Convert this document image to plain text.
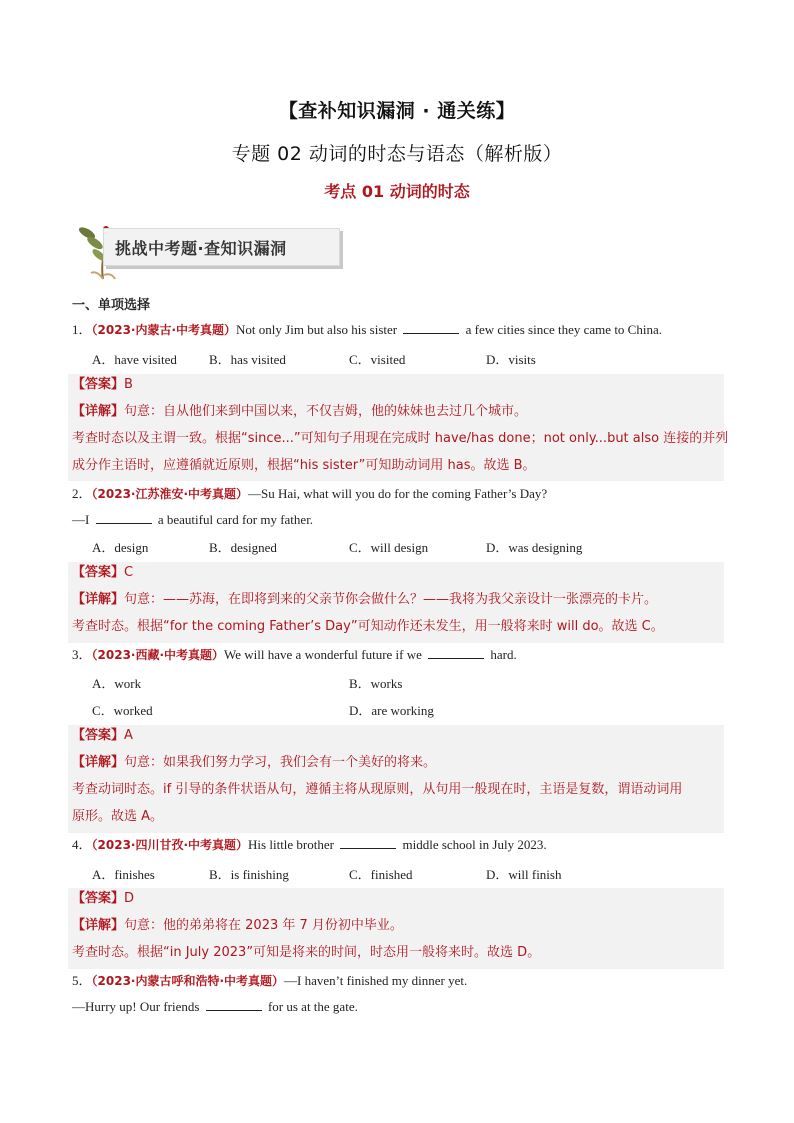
【查补知识漏洞 · 通关练】
专题 02 动词的时态与语态（解析版）
考点 01 动词的时态
挑战中考题·查知识漏洞
一、单项选择
1．（2023·内蒙古·中考真题）Not only Jim but also his sister	a few cities since they came to China.
A．have visited B．has visited	C．visited	D．visits
【答案】B
【详解】句意：自从他们来到中国以来，不仅吉姆，他的妹妹也去过几个城市。
考查时态以及主谓一致。根据“since...”可知句子用现在完成时 have/has done；not only...but also 连接的并列
成分作主语时，应遵循就近原则，根据“his sister”可知助动词用 has。故选 B。
2．（2023·江苏淮安·中考真题）—Su Hai, what will you do for the coming Father’s Day?
—I	a beautiful card for my father.
A．design	B．designed	C．will design	D．was designing
【答案】C
【详解】句意：——苏海，在即将到来的父亲节你会做什么？——我将为我父亲设计一张漂亮的卡片。
考查时态。根据“for the coming Father’s Day”可知动作还未发生，用一般将来时 will do。故选 C。
3．（2023·西藏·中考真题）We will have a wonderful future if we	hard.
A．work	B．works
C．worked	D．are working
【答案】A
【详解】句意：如果我们努力学习，我们会有一个美好的将来。
考查动词时态。if 引导的条件状语从句，遵循主将从现原则，从句用一般现在时，主语是复数，谓语动词用
原形。故选 A。
4．（2023·四川甘孜·中考真题）His little brother	middle school in July 2023.
A．finishes	B．is finishing	C．finished	D．will finish
【答案】D
【详解】句意：他的弟弟将在 2023 年 7 月份初中毕业。
考查时态。根据“in July 2023”可知是将来的时间，时态用一般将来时。故选 D。
5．（2023·内蒙古呼和浩特·中考真题）—I haven’t finished my dinner yet.
—Hurry up! Our friends	for us at the gate.
